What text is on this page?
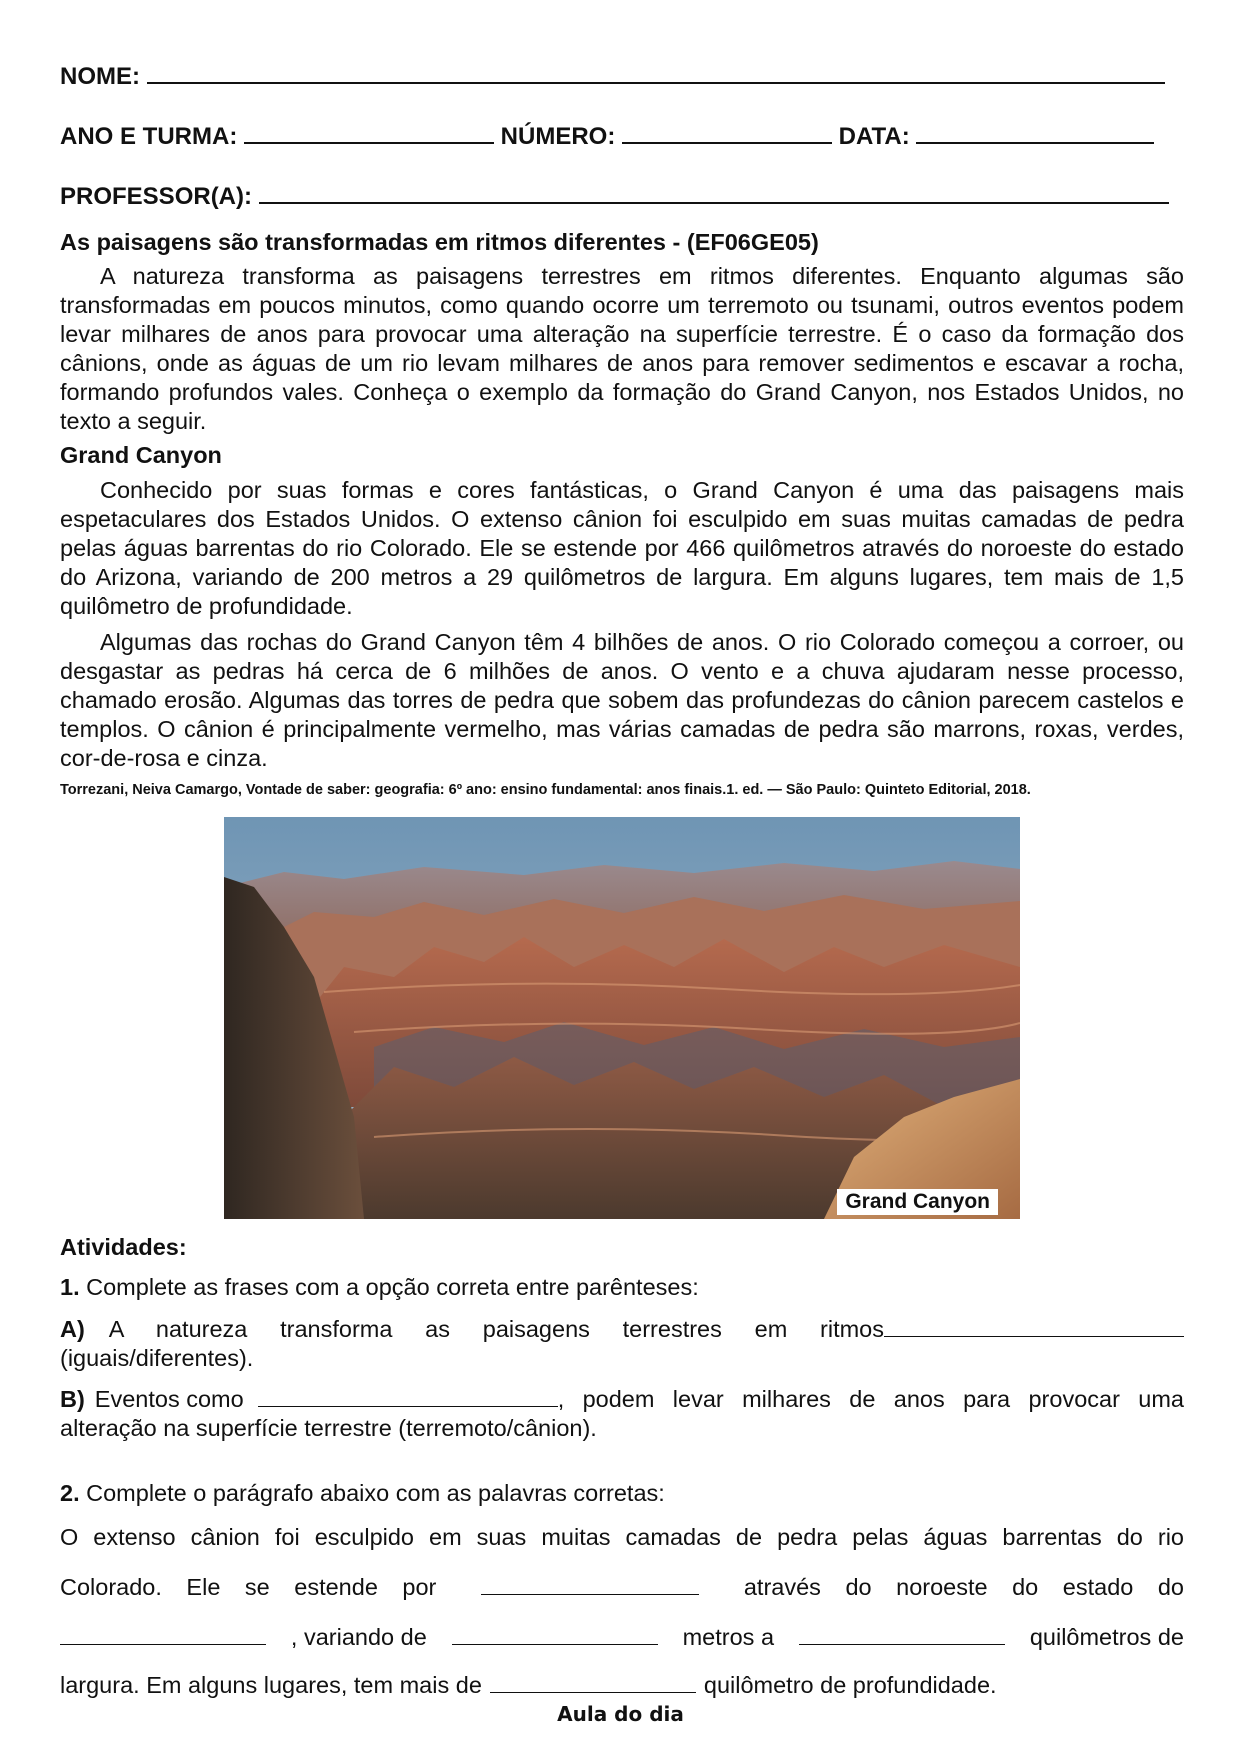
NOME:
ANO E TURMA:	NÚMERO:	DATA:
PROFESSOR(A):
As paisagens são transformadas em ritmos diferentes - (EF06GE05)

A natureza transforma as paisagens terrestres em ritmos diferentes. Enquanto algumas são transformadas em poucos minutos, como quando ocorre um terremoto ou tsunami, outros eventos podem levar milhares de anos para provocar uma alteração na superfície terrestre. É o caso da formação dos cânions, onde as águas de um rio levam milhares de anos para remover sedimentos e escavar a rocha, formando profundos vales. Conheça o exemplo da formação do Grand Canyon, nos Estados Unidos, no texto a seguir.

Grand Canyon

Conhecido por suas formas e cores fantásticas, o Grand Canyon é uma das paisagens mais espetaculares dos Estados Unidos. O extenso cânion foi esculpido em suas muitas camadas de pedra pelas águas barrentas do rio Colorado. Ele se estende por 466 quilômetros através do noroeste do estado do Arizona, variando de 200 metros a 29 quilômetros de largura. Em alguns lugares, tem mais de 1,5 quilômetro de profundidade.

Algumas das rochas do Grand Canyon têm 4 bilhões de anos. O rio Colorado começou a corroer, ou desgastar as pedras há cerca de 6 milhões de anos. O vento e a chuva ajudaram nesse processo, chamado erosão. Algumas das torres de pedra que sobem das profundezas do cânion parecem castelos e templos. O cânion é principalmente vermelho, mas várias camadas de pedra são marrons, roxas, verdes, cor-de-rosa e cinza.

Torrezani, Neiva Camargo, Vontade de saber: geografia: 6º ano: ensino fundamental: anos finais.1. ed. — São Paulo: Quinteto Editorial, 2018.
Grand Canyon
Atividades:
1. Complete as frases com a opção correta entre parênteses:
A)	A natureza transforma as paisagens terrestres em ritmos
(iguais/diferentes).
B) Eventos como	, podem levar milhares de anos para provocar uma
alteração na superfície terrestre (terremoto/cânion).
2. Complete o parágrafo abaixo com as palavras corretas:
O extenso cânion foi esculpido em suas muitas camadas de pedra pelas águas barrentas do rio
Colorado. Ele se estende por	através do noroeste do estado do
, variando de	metros a	quilômetros de
largura. Em alguns lugares, tem mais de	quilômetro de profundidade.
Aula do dia
